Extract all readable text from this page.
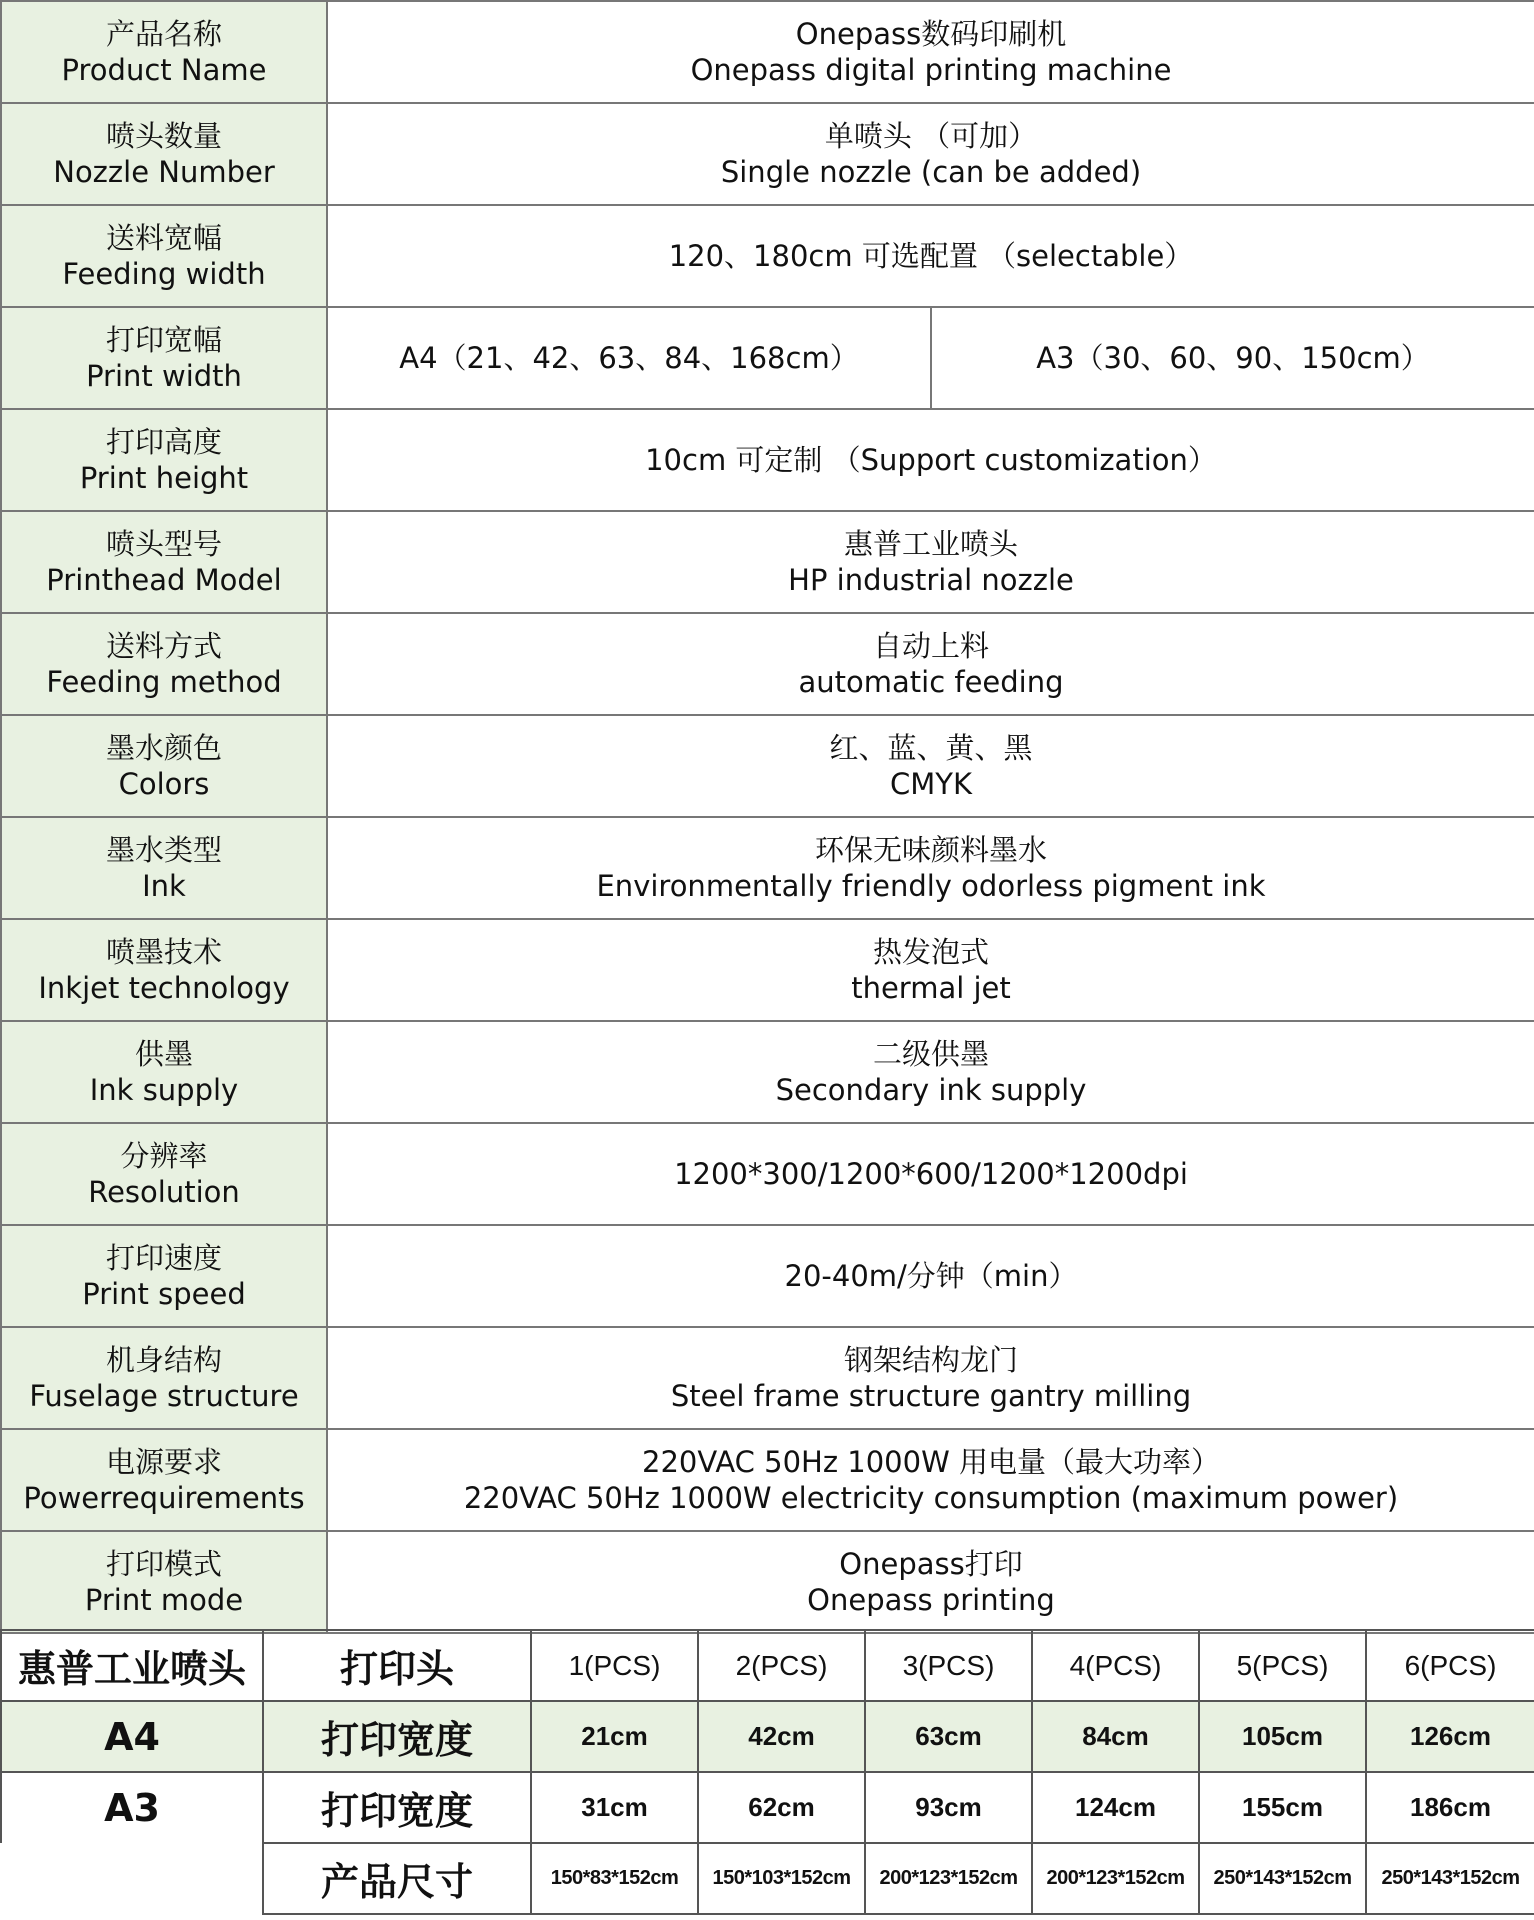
产品名称
Product Name	Onepass数码印刷机
Onepass digital printing machine	

喷头数量
Nozzle Number	单喷头 （可加）
Single nozzle (can be added)	

送料宽幅
Feeding width	120、180cm 可选配置 （selectable）	

打印宽幅
Print width	A4（21、42、63、84、168cm）	A3（30、60、90、150cm）

打印高度
Print height	10cm 可定制 （Support customization）	

喷头型号
Printhead Model	惠普工业喷头
HP industrial nozzle	

送料方式
Feeding method	自动上料
automatic feeding	

墨水颜色
Colors	红、蓝、黄、黑
CMYK	

墨水类型
Ink	环保无味颜料墨水
Environmentally friendly odorless pigment ink	

喷墨技术
Inkjet technology	热发泡式
thermal jet	

供墨
Ink supply	二级供墨
Secondary ink supply	

分辨率
Resolution	1200*300/1200*600/1200*1200dpi	

打印速度
Print speed	20-40m/分钟（min）	

机身结构
Fuselage structure	钢架结构龙门
Steel frame structure gantry milling	

电源要求
Powerrequirements	220VAC 50Hz 1000W 用电量（最大功率）
220VAC 50Hz 1000W electricity consumption (maximum power)	

打印模式
Print mode	Onepass打印
Onepass printing	
惠普工业喷头	打印头	1(PCS)	2(PCS)	3(PCS)	4(PCS)	5(PCS)	6(PCS)
A4	打印宽度	21cm	42cm	63cm	84cm	105cm	126cm
A3	打印宽度	31cm	62cm	93cm	124cm	155cm	186cm
	产品尺寸	150*83*152cm	150*103*152cm	200*123*152cm	200*123*152cm	250*143*152cm	250*143*152cm
